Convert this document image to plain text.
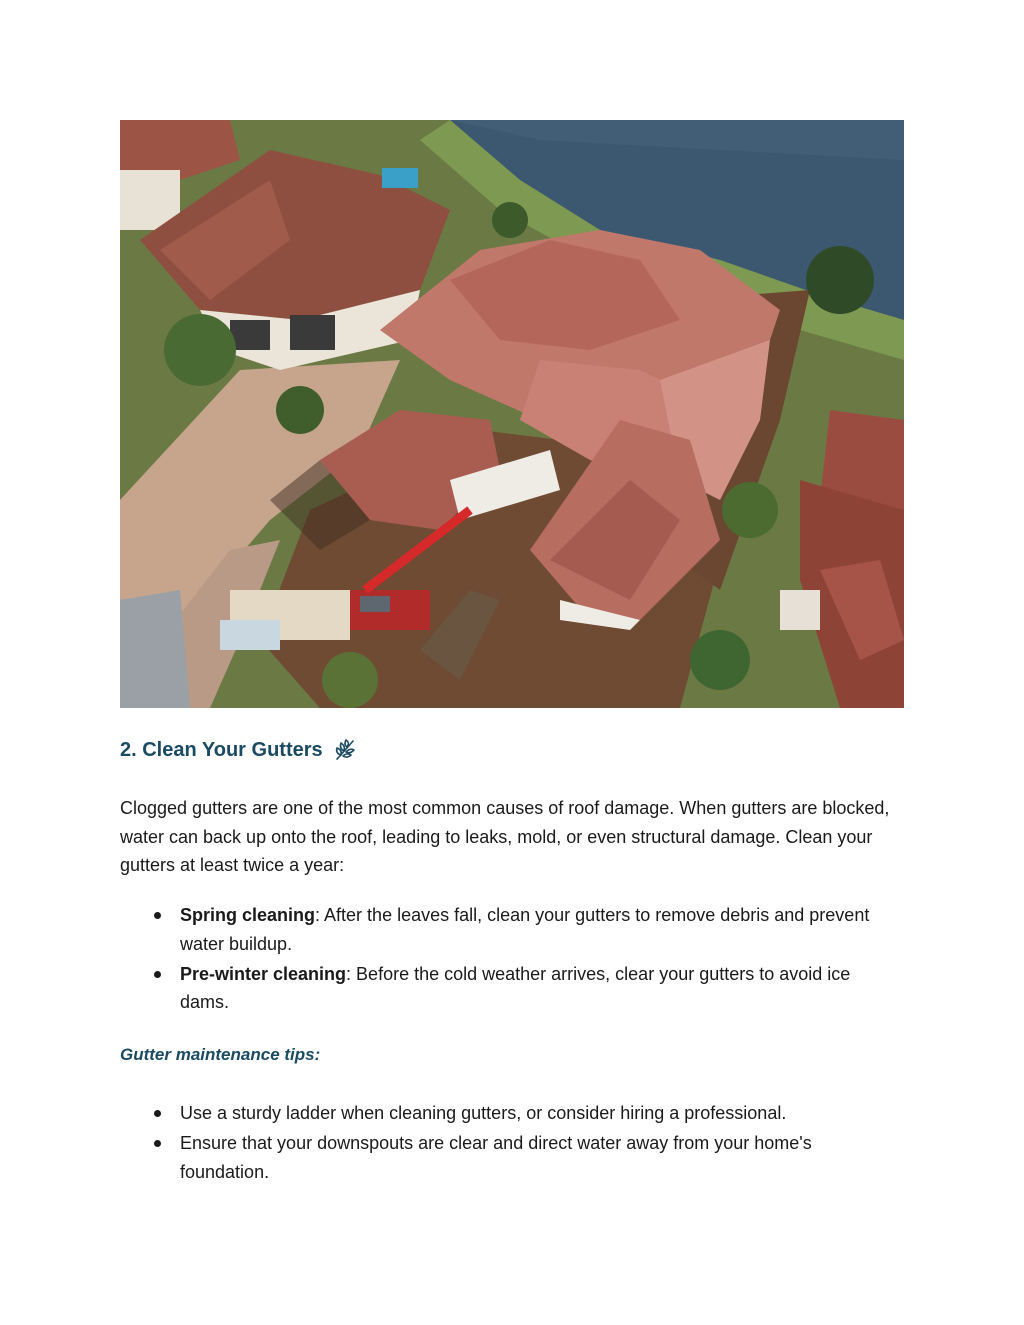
2. Clean Your Gutters

Clogged gutters are one of the most common causes of roof damage. When gutters are blocked, water can back up onto the roof, leading to leaks, mold, or even structural damage. Clean your gutters at least twice a year:

Spring cleaning: After the leaves fall, clean your gutters to remove debris and prevent water buildup.
Pre-winter cleaning: Before the cold weather arrives, clear your gutters to avoid ice dams.
Gutter maintenance tips:
Use a sturdy ladder when cleaning gutters, or consider hiring a professional.
Ensure that your downspouts are clear and direct water away from your home's foundation.
